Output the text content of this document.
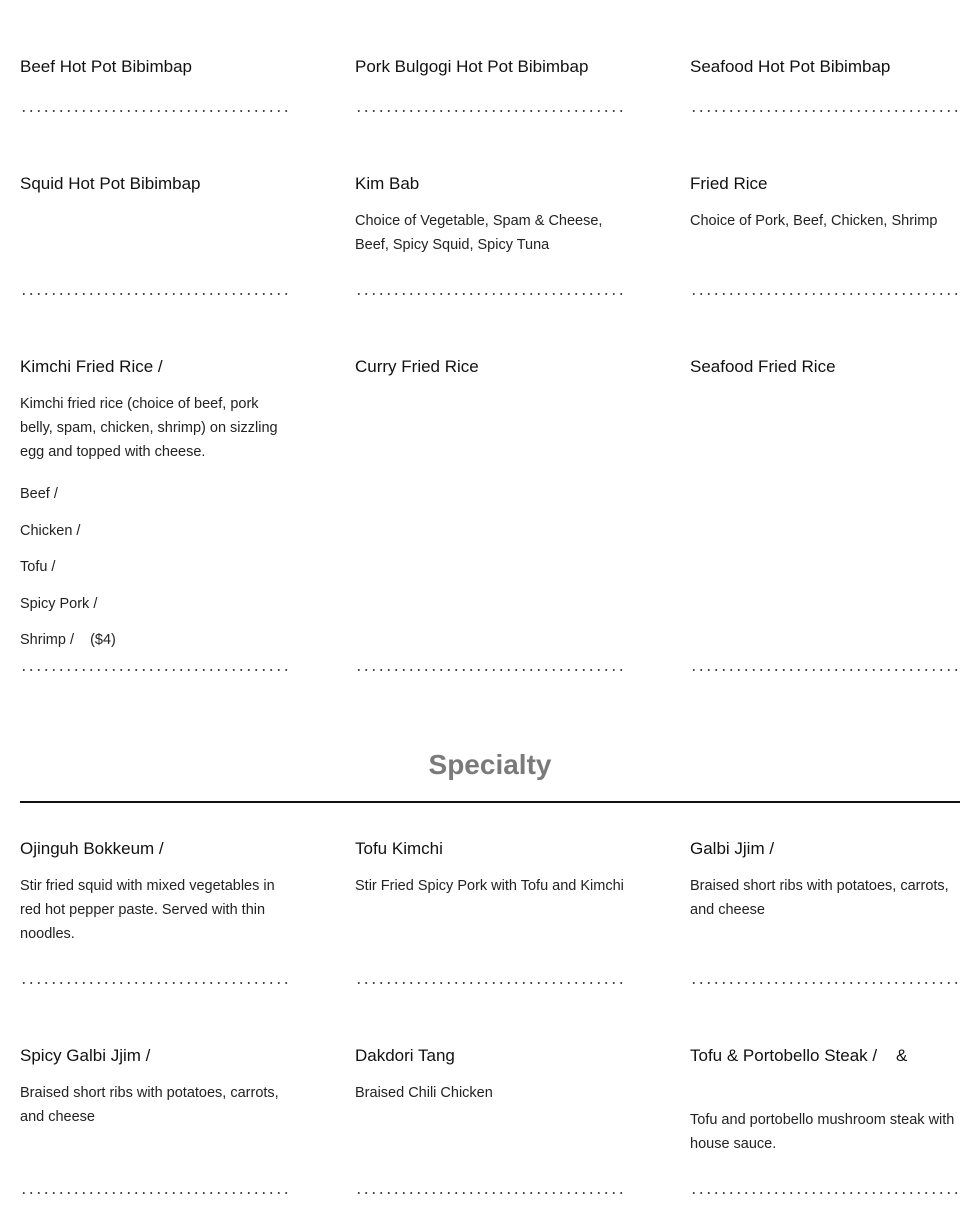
Beef Hot Pot Bibimbap	Pork Bulgogi Hot Pot Bibimbap	Seafood Hot Pot Bibimbap
Squid Hot Pot Bibimbap	Kim Bab

Choice of Vegetable, Spam & Cheese, Beef, Spicy Squid, Spicy Tuna

Fried Rice

Choice of Pork, Beef, Chicken, Shrimp

Kimchi Fried Rice /

Kimchi fried rice (choice of beef, pork belly, spam, chicken, shrimp) on sizzling egg and topped with cheese.

Beef /
Chicken /
Tofu /
Spicy Pork /
Shrimp /    ($4)
Curry Fried Rice	Seafood Fried Rice
Specialty
Ojinguh Bokkeum /

Stir fried squid with mixed vegetables in red hot pepper paste. Served with thin noodles.

Tofu Kimchi

Stir Fried Spicy Pork with Tofu and Kimchi

Galbi Jjim /

Braised short ribs with potatoes, carrots, and cheese

Spicy Galbi Jjim /

Braised short ribs with potatoes, carrots, and cheese

Dakdori Tang

Braised Chili Chicken

Tofu & Portobello Steak /    &

Tofu and portobello mushroom steak with house sauce.
